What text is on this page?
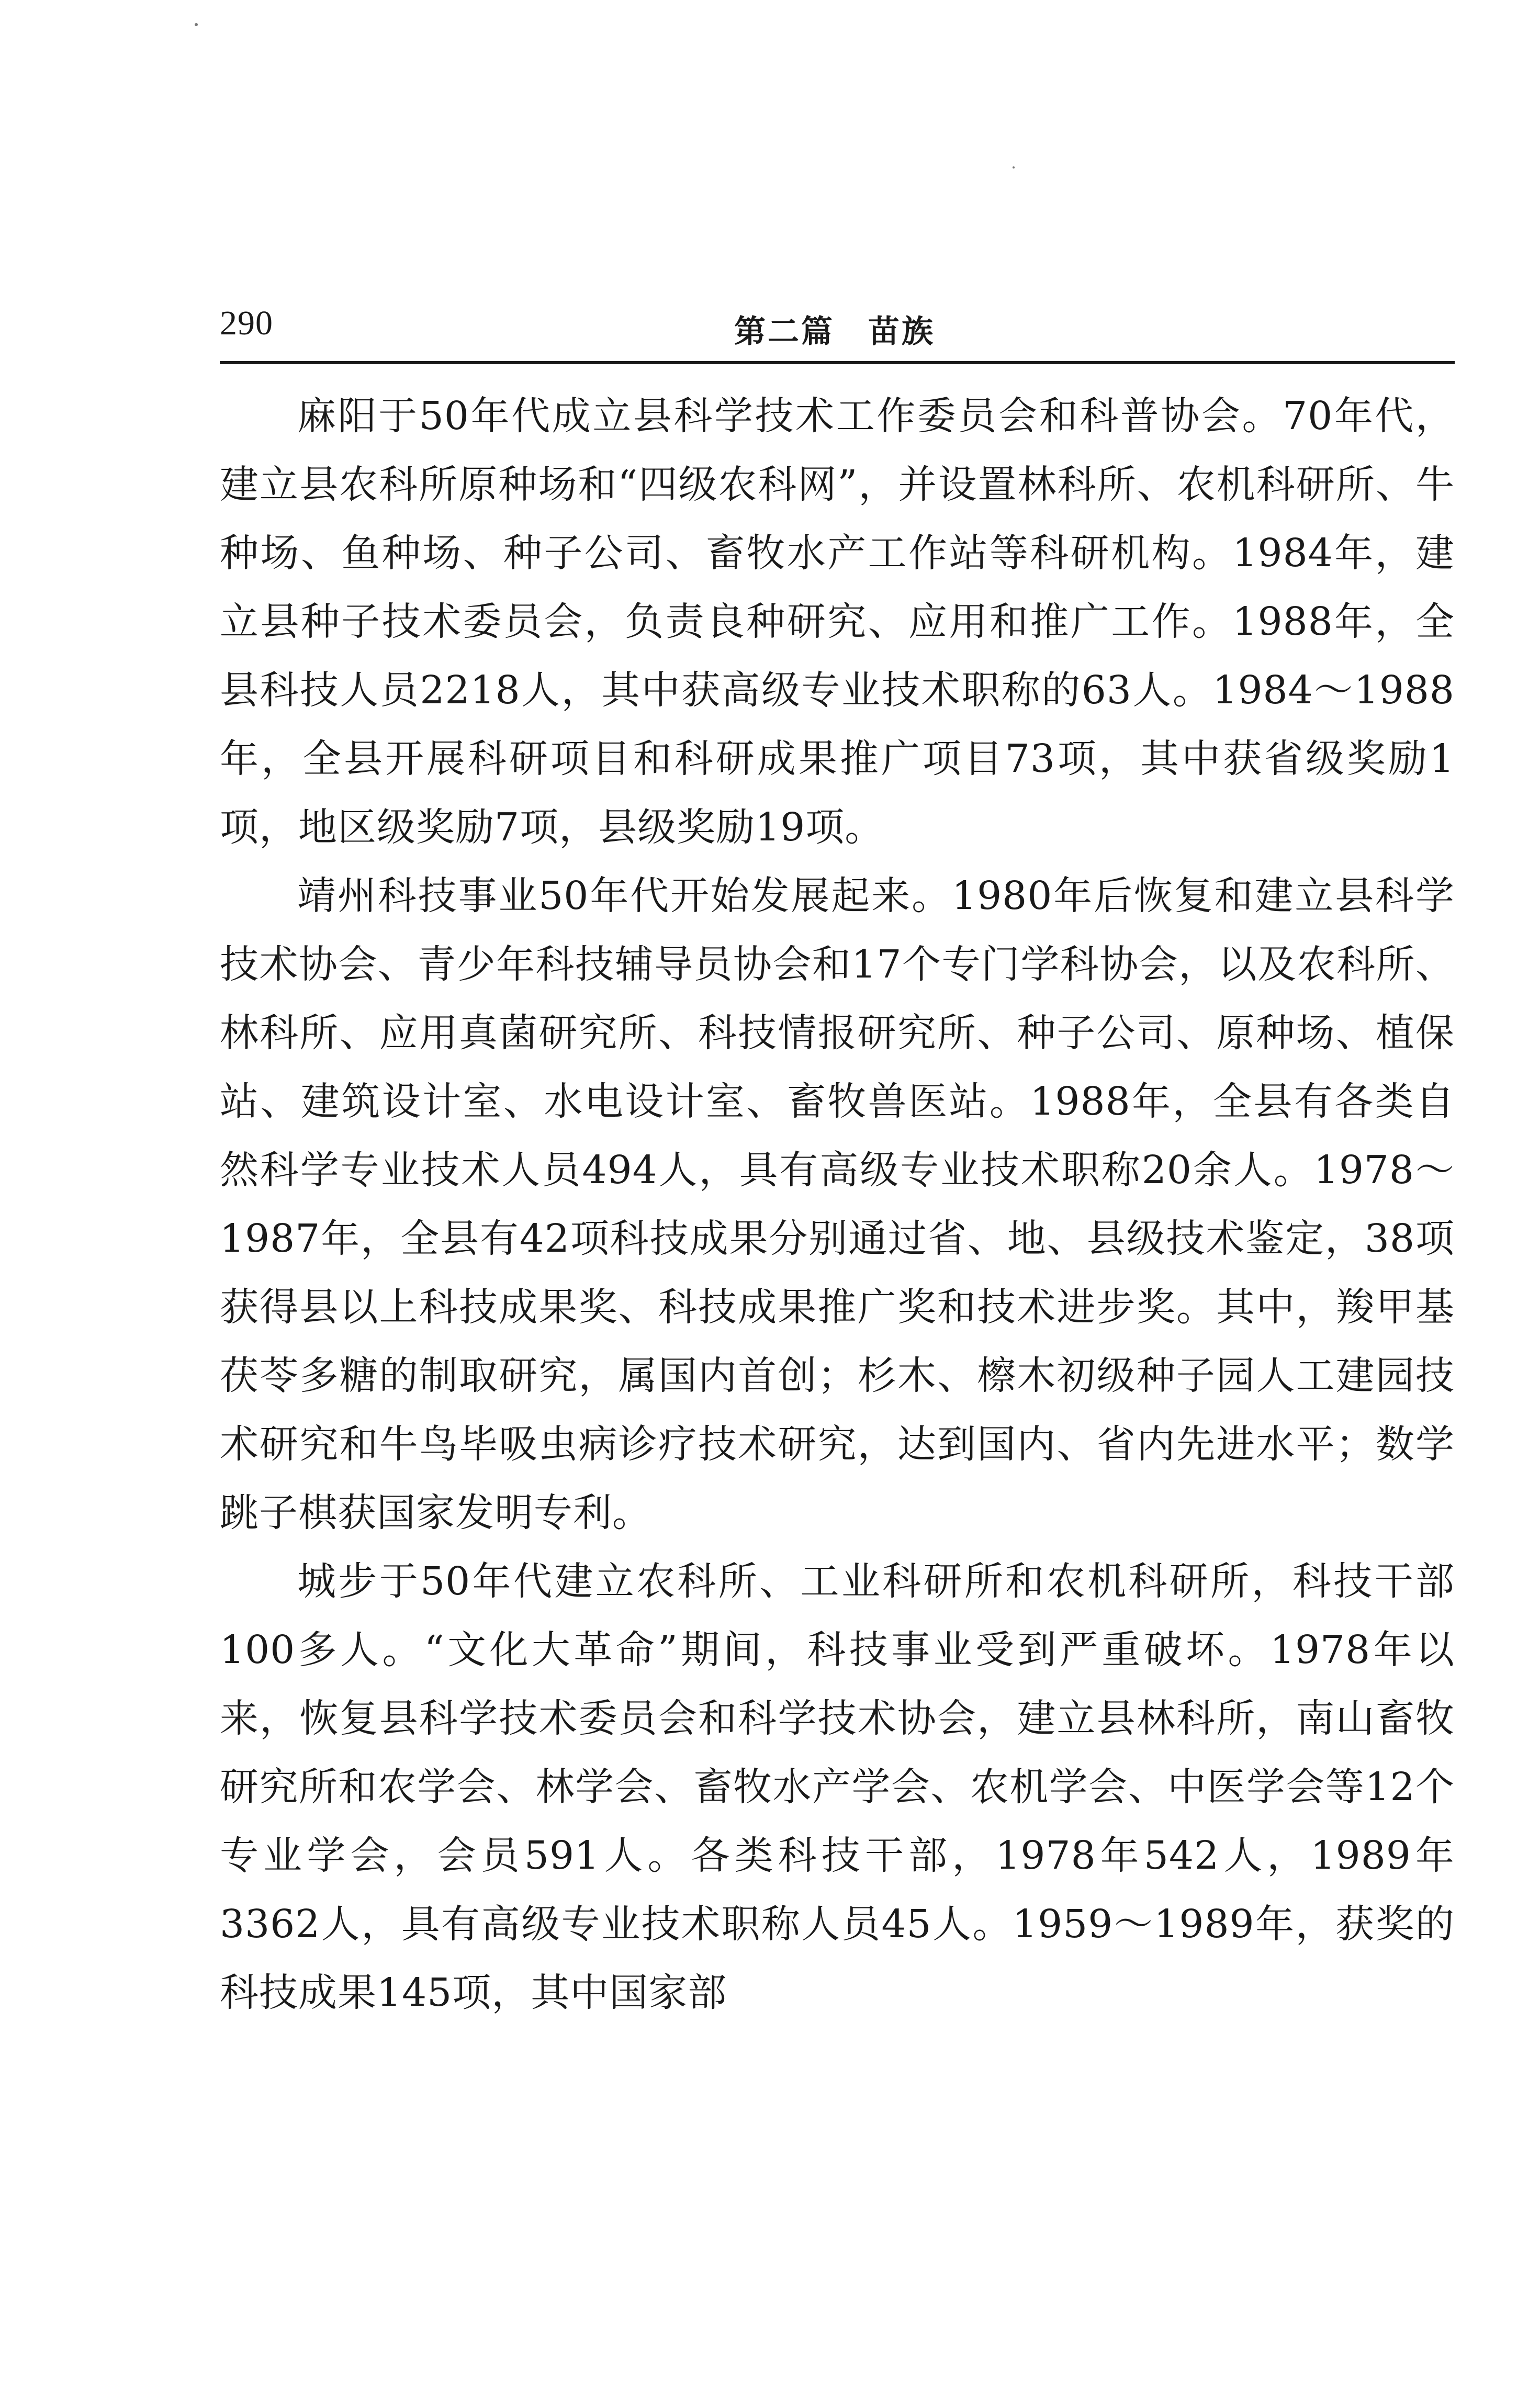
290	第二篇　苗族

麻阳于50年代成立县科学技术工作委员会和科普协会。70年代，建立县农科所原种场和“四级农科网”，并设置林科所、农机科研所、牛种场、鱼种场、种子公司、畜牧水产工作站等科研机构。1984年，建立县种子技术委员会，负责良种研究、应用和推广工作。1988年，全县科技人员2218人，其中获高级专业技术职称的63人。1984～1988年，全县开展科研项目和科研成果推广项目73项，其中获省级奖励1项，地区级奖励7项，县级奖励19项。

靖州科技事业50年代开始发展起来。1980年后恢复和建立县科学技术协会、青少年科技辅导员协会和17个专门学科协会，以及农科所、林科所、应用真菌研究所、科技情报研究所、种子公司、原种场、植保站、建筑设计室、水电设计室、畜牧兽医站。1988年，全县有各类自然科学专业技术人员494人，具有高级专业技术职称20余人。1978～1987年，全县有42项科技成果分别通过省、地、县级技术鉴定，38项获得县以上科技成果奖、科技成果推广奖和技术进步奖。其中，羧甲基茯苓多糖的制取研究，属国内首创；杉木、檫木初级种子园人工建园技术研究和牛鸟毕吸虫病诊疗技术研究，达到国内、省内先进水平；数学跳子棋获国家发明专利。

城步于50年代建立农科所、工业科研所和农机科研所，科技干部100多人。“文化大革命”期间，科技事业受到严重破坏。1978年以来，恢复县科学技术委员会和科学技术协会，建立县林科所，南山畜牧研究所和农学会、林学会、畜牧水产学会、农机学会、中医学会等12个专业学会，会员591人。各类科技干部，1978年542人，1989年3362人，具有高级专业技术职称人员45人。1959～1989年，获奖的科技成果145项，其中国家部
